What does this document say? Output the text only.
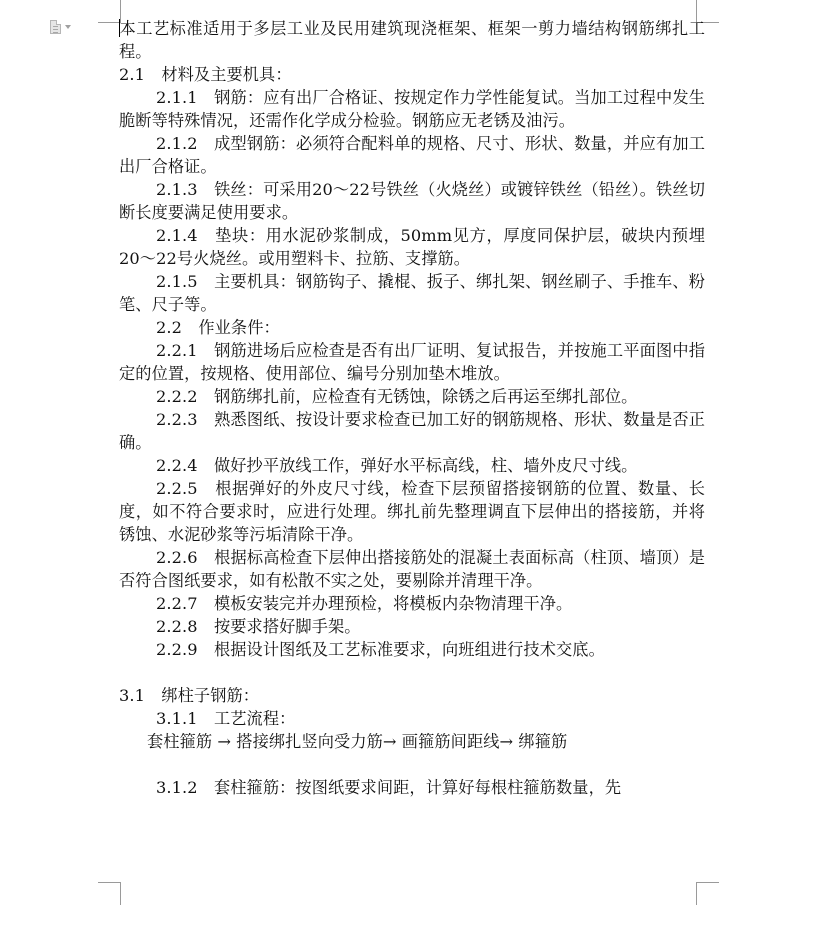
本工艺标准适用于多层工业及民用建筑现浇框架、框架一剪力墙结构钢筋绑扎工程。

2.1　材料及主要机具：

2.1.1　钢筋：应有出厂合格证、按规定作力学性能复试。当加工过程中发生脆断等特殊情况，还需作化学成分检验。钢筋应无老锈及油污。

2.1.2　成型钢筋：必须符合配料单的规格、尺寸、形状、数量，并应有加工出厂合格证。

2.1.3　铁丝：可采用20～22号铁丝（火烧丝）或镀锌铁丝（铅丝）。铁丝切断长度要满足使用要求。

2.1.4　垫块：用水泥砂浆制成，50mm见方，厚度同保护层，破块内预埋20～22号火烧丝。或用塑料卡、拉筋、支撑筋。

2.1.5　主要机具：钢筋钩子、撬棍、扳子、绑扎架、钢丝刷子、手推车、粉笔、尺子等。

2.2　作业条件：

2.2.1　钢筋进场后应检查是否有出厂证明、复试报告，并按施工平面图中指定的位置，按规格、使用部位、编号分别加垫木堆放。

2.2.2　钢筋绑扎前，应检查有无锈蚀，除锈之后再运至绑扎部位。

2.2.3　熟悉图纸、按设计要求检查已加工好的钢筋规格、形状、数量是否正确。

2.2.4　做好抄平放线工作，弹好水平标高线，柱、墙外皮尺寸线。

2.2.5　根据弹好的外皮尺寸线，检查下层预留搭接钢筋的位置、数量、长度，如不符合要求时，应进行处理。绑扎前先整理调直下层伸出的搭接筋，并将锈蚀、水泥砂浆等污垢清除干净。

2.2.6　根据标高检查下层伸出搭接筋处的混凝土表面标高（柱顶、墙顶）是否符合图纸要求，如有松散不实之处，要剔除并清理干净。

2.2.7　模板安装完并办理预检，将模板内杂物清理干净。

2.2.8　按要求搭好脚手架。

2.2.9　根据设计图纸及工艺标准要求，向班组进行技术交底。

3.1　绑柱子钢筋：

3.1.1　工艺流程：

套柱箍筋 → 搭接绑扎竖向受力筋→ 画箍筋间距线→ 绑箍筋

3.1.2　套柱箍筋：按图纸要求间距，计算好每根柱箍筋数量，先
